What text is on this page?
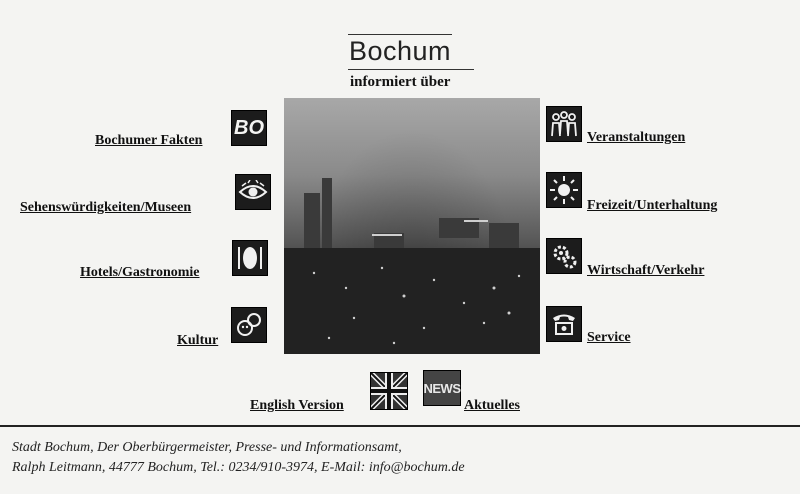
Bochum
informiert über
Bochumer Fakten
BO
Sehenswürdigkeiten/Museen
Hotels/Gastronomie
Kultur
Veranstaltungen
Freizeit/Unterhaltung
Wirtschaft/Verkehr
Service
English Version
NEWS
Aktuelles
Stadt Bochum, Der Oberbürgermeister, Presse- und Informationsamt,
Ralph Leitmann, 44777 Bochum, Tel.: 0234/910-3974, E-Mail: info@bochum.de
